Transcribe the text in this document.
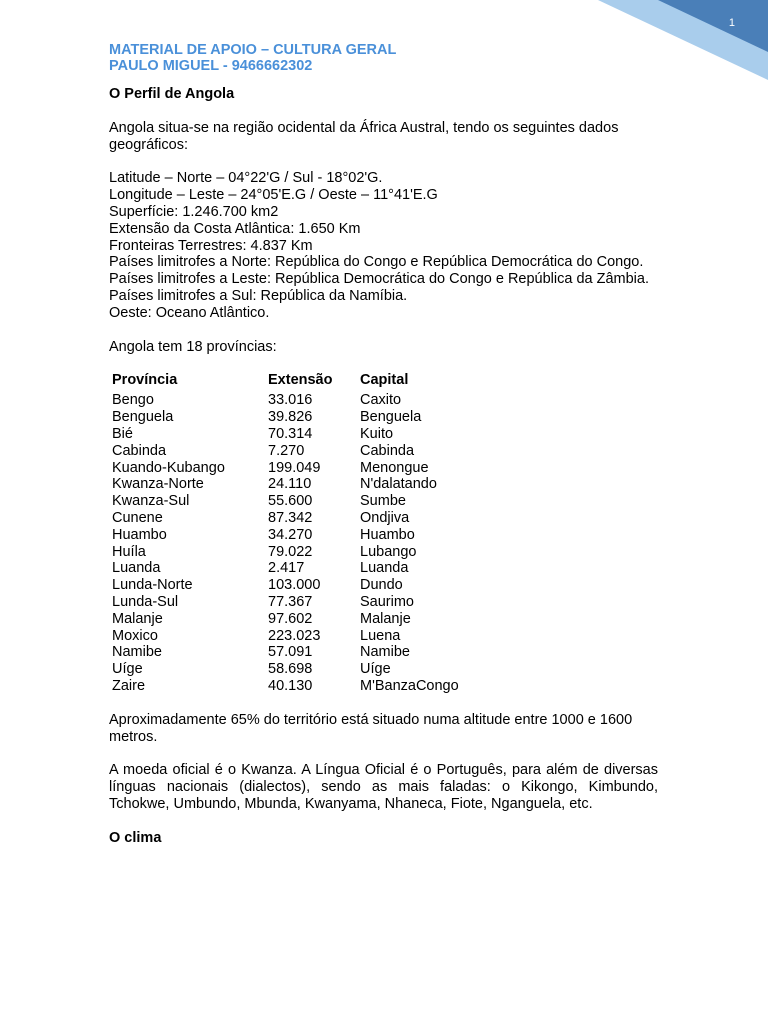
1
MATERIAL DE APOIO – CULTURA GERAL
PAULO MIGUEL - 9466662302

O Perfil de Angola

Angola situa-se na região ocidental da África Austral, tendo os seguintes dados geográficos:

Latitude – Norte – 04°22'G / Sul - 18°02'G.

Longitude – Leste – 24°05'E.G / Oeste – 11°41'E.G

Superfície: 1.246.700 km2

Extensão da Costa Atlântica: 1.650 Km

Fronteiras Terrestres: 4.837 Km

Países limitrofes a Norte: República do Congo e República Democrática do Congo.

Países limitrofes a Leste: República Democrática do Congo e República da Zâmbia.

Países limitrofes a Sul: República da Namíbia.

Oeste: Oceano Atlântico.

Angola tem 18 províncias:

Província	Extensão	Capital
Bengo	33.016	Caxito
Benguela	39.826	Benguela
Bié	70.314	Kuito
Cabinda	7.270	Cabinda
Kuando-Kubango	199.049	Menongue
Kwanza-Norte	24.110	N'dalatando
Kwanza-Sul	55.600	Sumbe
Cunene	87.342	Ondjiva
Huambo	34.270	Huambo
Huíla	79.022	Lubango
Luanda	2.417	Luanda
Lunda-Norte	103.000	Dundo
Lunda-Sul	77.367	Saurimo
Malanje	97.602	Malanje
Moxico	223.023	Luena
Namibe	57.091	Namibe
Uíge	58.698	Uíge
Zaire	40.130	M'BanzaCongo

Aproximadamente 65% do território está situado numa altitude entre 1000 e 1600 metros.

A moeda oficial é o Kwanza. A Língua Oficial é o Português, para além de diversas línguas nacionais (dialectos), sendo as mais faladas: o Kikongo, Kimbundo, Tchokwe, Umbundo, Mbunda, Kwanyama, Nhaneca, Fiote, Nganguela, etc.

O clima
